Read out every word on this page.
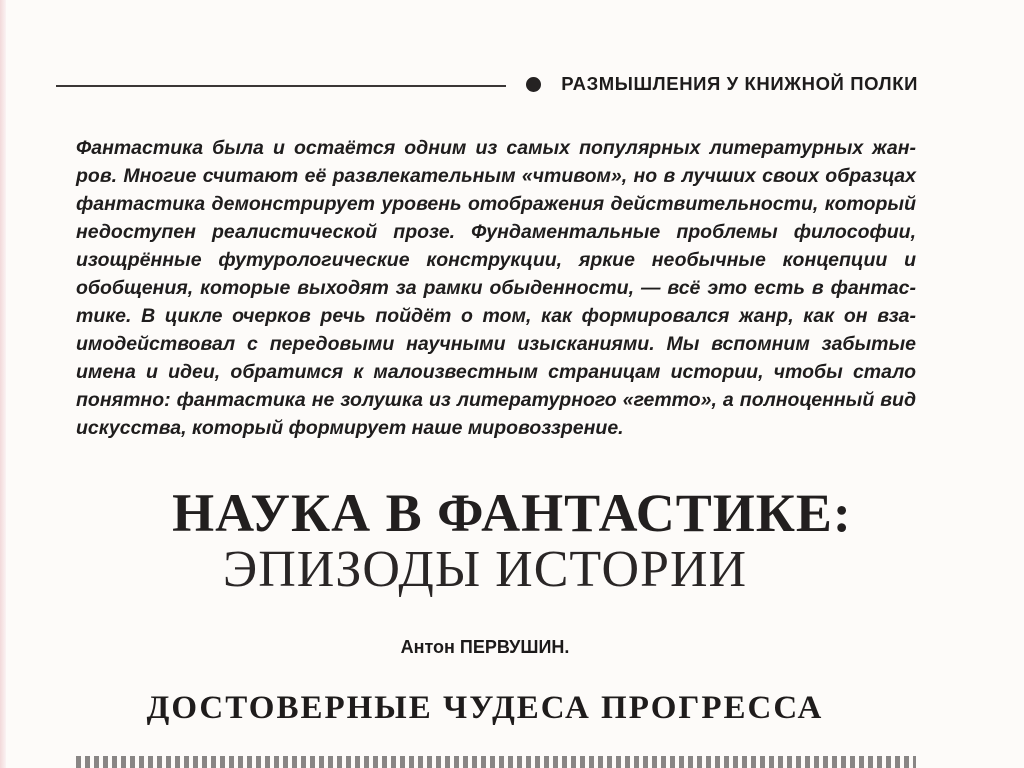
РАЗМЫШЛЕНИЯ У КНИЖНОЙ ПОЛКИ
Фантастика была и остаётся одним из самых популярных литературных жан-
ров. Многие считают её развлекательным «чтивом», но в лучших своих образцах
фантастика демонстрирует уровень отображения действительности, который
недоступен реалистической прозе. Фундаментальные проблемы философии,
изощрённые футурологические конструкции, яркие необычные концепции и
обобщения, которые выходят за рамки обыденности, — всё это есть в фантас-
тике. В цикле очерков речь пойдёт о том, как формировался жанр, как он вза-
имодействовал с передовыми научными изысканиями. Мы вспомним забытые
имена и идеи, обратимся к малоизвестным страницам истории, чтобы стало
понятно: фантастика не золушка из литературного «гетто», а полноценный вид
искусства, который формирует наше мировоззрение.
НАУКА В ФАНТАСТИКЕ:
ЭПИЗОДЫ ИСТОРИИ
Антон ПЕРВУШИН.
ДОСТОВЕРНЫЕ ЧУДЕСА ПРОГРЕССА
